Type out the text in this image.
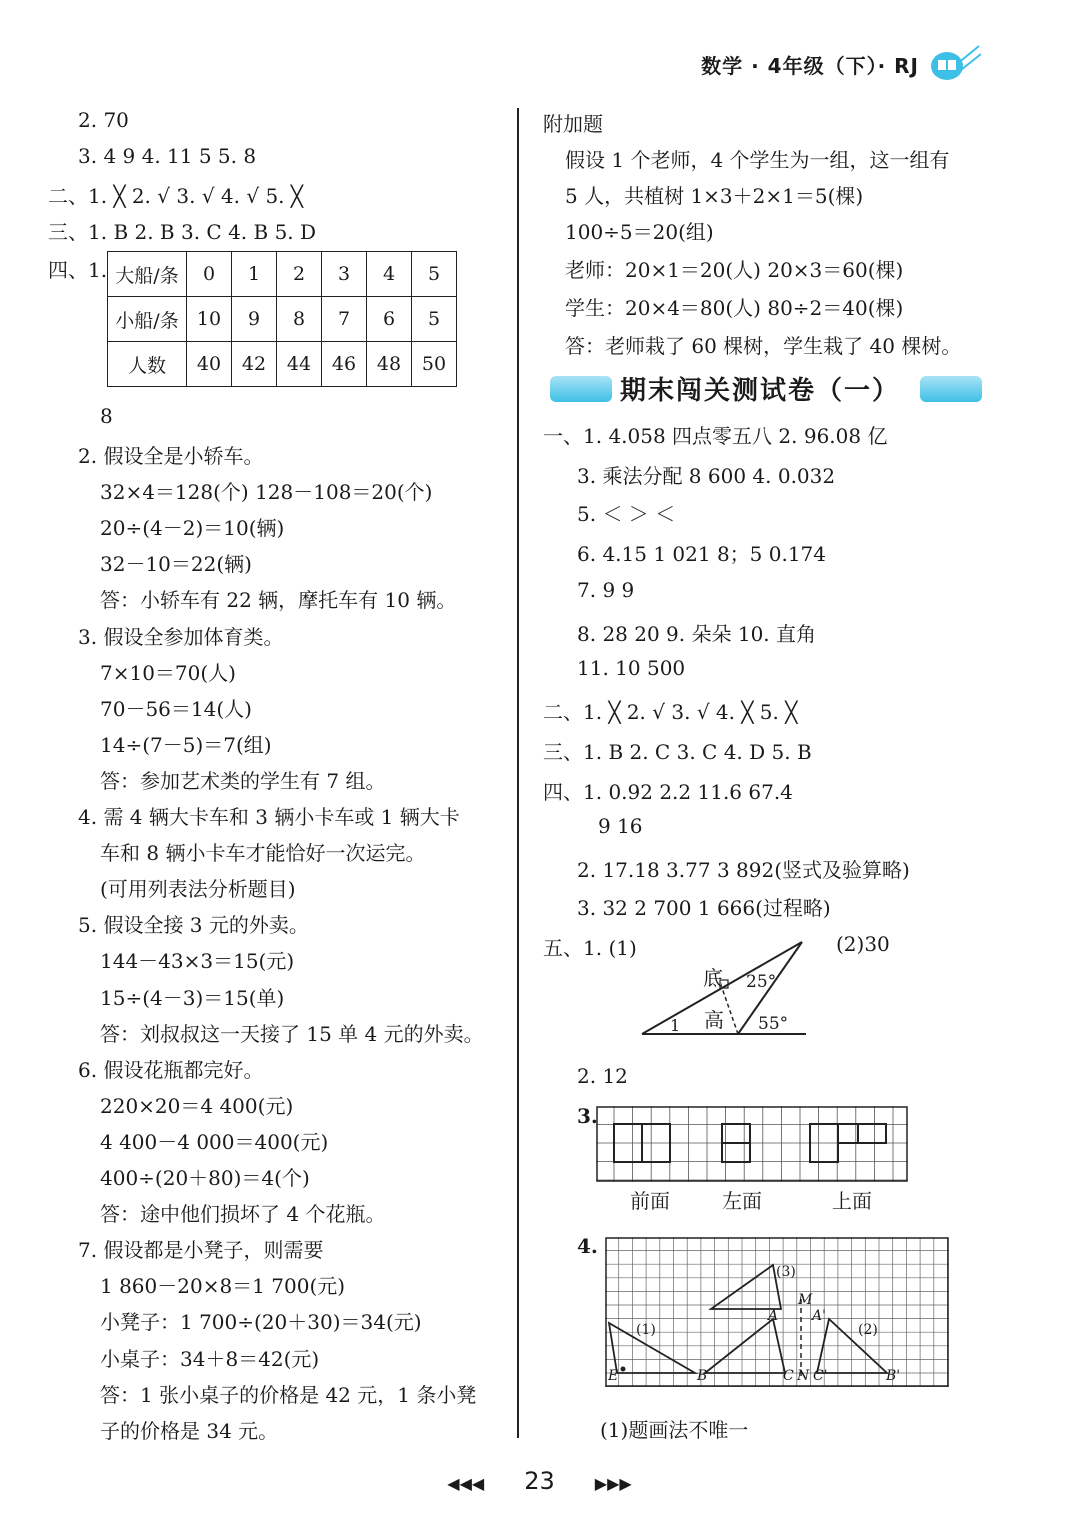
数学 · 4年级（下）· RJ
2. 70
3. 4 9 4. 11 5 5. 8
二、1. ╳ 2. √ 3. √ 4. √ 5. ╳
三、1. B 2. B 3. C 4. B 5. D
四、1. 大船/条	0	1	2	3	4	5
小船/条	10	9	8	7	6	5
人数	40	42	44	46	48	50
8
2. 假设全是小轿车。
32×4＝128(个) 128－108＝20(个)
20÷(4－2)＝10(辆)
32－10＝22(辆)
答：小轿车有 22 辆，摩托车有 10 辆。
3. 假设全参加体育类。
7×10＝70(人)
70－56＝14(人)
14÷(7－5)＝7(组)
答：参加艺术类的学生有 7 组。
4. 需 4 辆大卡车和 3 辆小卡车或 1 辆大卡
车和 8 辆小卡车才能恰好一次运完。
(可用列表法分析题目)
5. 假设全接 3 元的外卖。
144－43×3＝15(元)
15÷(4－3)＝15(单)
答：刘叔叔这一天接了 15 单 4 元的外卖。
6. 假设花瓶都完好。
220×20＝4 400(元)
4 400－4 000＝400(元)
400÷(20＋80)＝4(个)
答：途中他们损坏了 4 个花瓶。
7. 假设都是小凳子，则需要
1 860－20×8＝1 700(元)
小凳子：1 700÷(20＋30)＝34(元)
小桌子：34＋8＝42(元)
答：1 张小桌子的价格是 42 元，1 条小凳
子的价格是 34 元。
附加题
假设 1 个老师，4 个学生为一组，这一组有
5 人，共植树 1×3＋2×1＝5(棵)
100÷5＝20(组)
老师：20×1＝20(人) 20×3＝60(棵)
学生：20×4＝80(人) 80÷2＝40(棵)
答：老师栽了 60 棵树，学生栽了 40 棵树。
期末闯关测试卷（一）
一、1. 4.058 四点零五八 2. 96.08 亿
3. 乘法分配 8 600 4. 0.032
5. ＜ ＞ ＜
6. 4.15 1 021 8；5 0.174
7. 9 9
8. 28 20 9. 朵朵 10. 直角
11. 10 500
二、1. ╳ 2. √ 3. √ 4. ╳ 5. ╳
三、1. B 2. C 3. C 4. D 5. B
四、1. 0.92 2.2 11.6 67.4
9 16
2. 17.18 3.77 3 892(竖式及验算略)
3. 32 2 700 1 666(过程略)
五、1. (1)	(2)30
底
高
1
25°
55°
2. 12
3.
前面	左面	上面
4.
(3)
M
A A'
(1)	(2)
E	B	C N C'	B'
(1)题画法不唯一
◀◀◀ 23	▶▶▶
